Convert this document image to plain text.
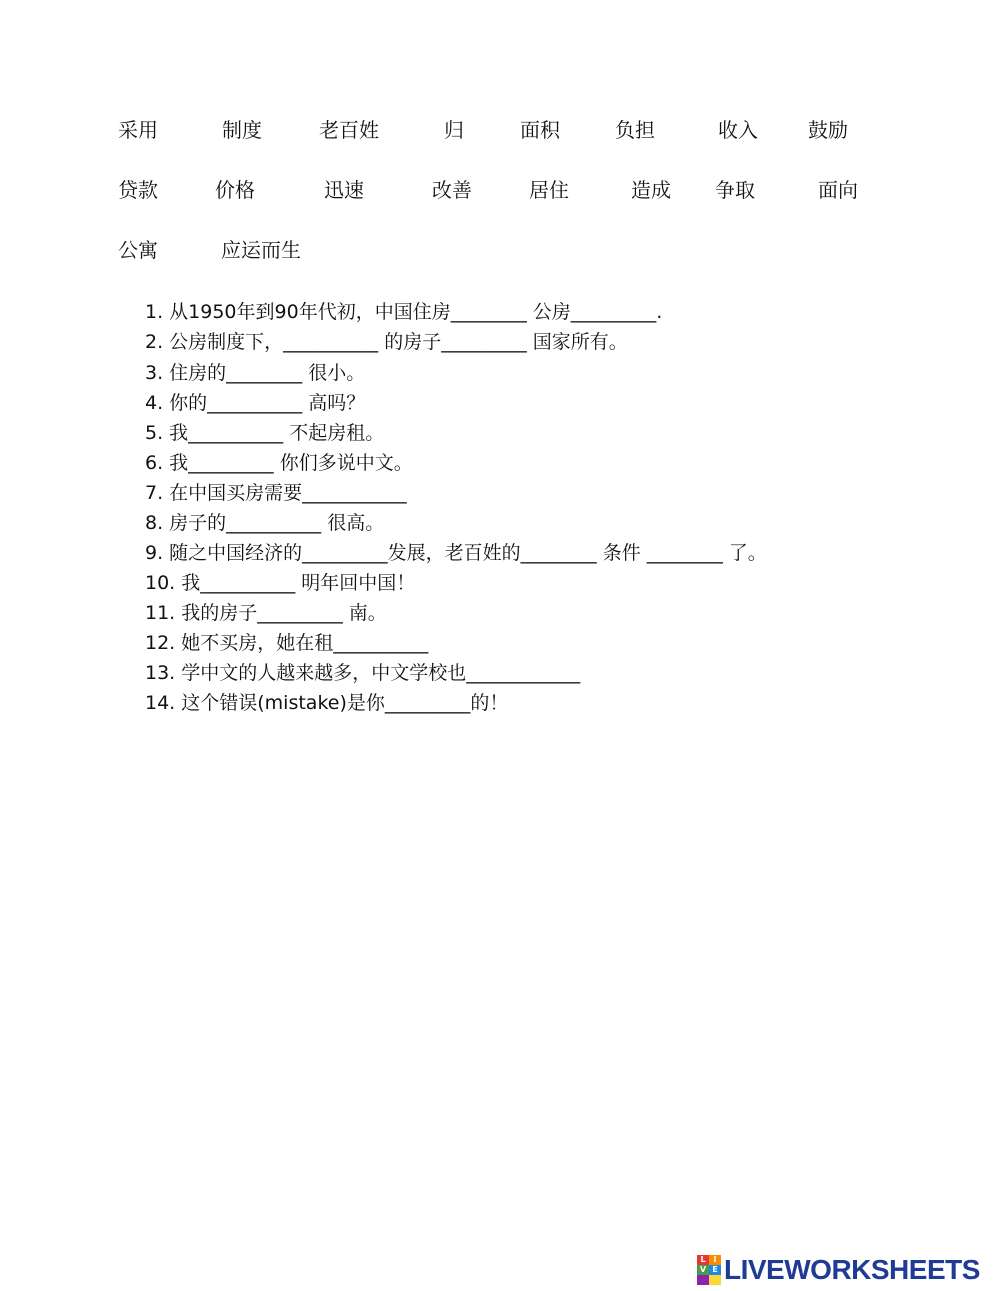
采用	制度	老百姓	归	面积	负担	收入	鼓励
贷款	价格	迅速	改善	居住	造成 争取	面向
公寓	应运而生
1. 从1950年到90年代初，中国住房________ 公房_________.
2. 公房制度下，__________ 的房子_________ 国家所有。
3. 住房的________ 很小。
4. 你的__________ 高吗？
5. 我__________ 不起房租。
6. 我_________ 你们多说中文。
7. 在中国买房需要___________
8. 房子的__________ 很高。
9. 随之中国经济的_________发展，老百姓的________ 条件 ________ 了。
10. 我__________ 明年回中国！
11. 我的房子_________ 南。
12. 她不买房，她在租__________
13. 学中文的人越来越多，中文学校也____________
14. 这个错误(mistake)是你_________的！
L I
V E LIVEWORKSHEETS
